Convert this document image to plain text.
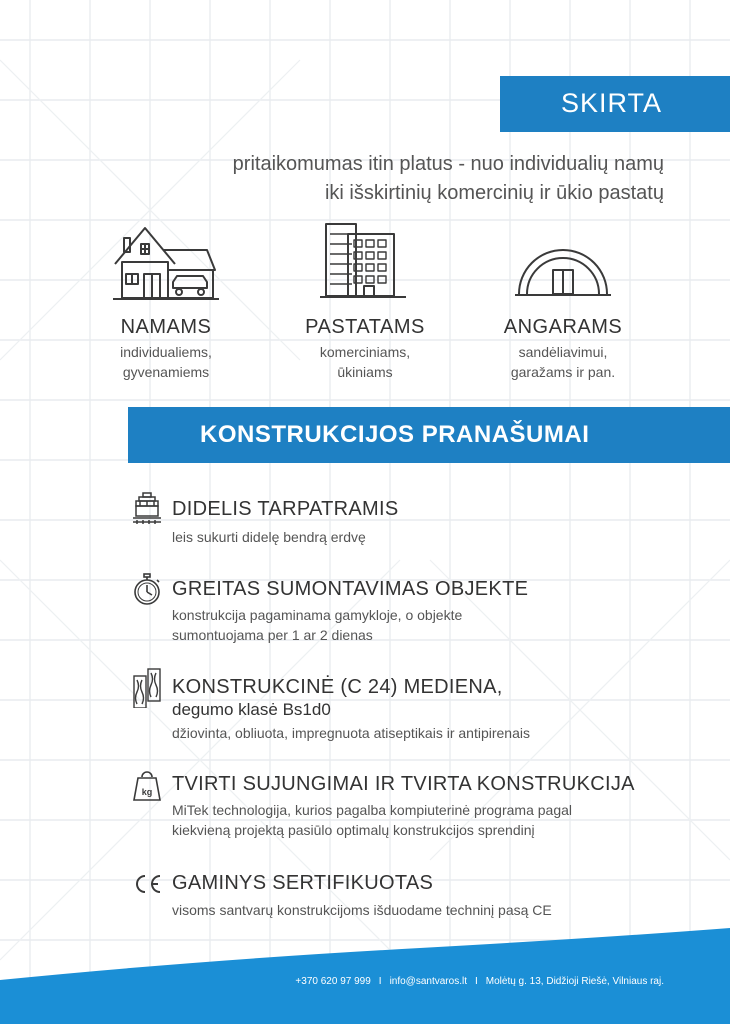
SKIRTA
pritaikomumas itin platus - nuo individualių namų
iki išskirtinių komercinių ir ūkio pastatų
NAMAMS
individualiems,
gyvenamiems
PASTATAMS
komerciniams,
ūkiniams
ANGARAMS
sandėliavimui,
garažams ir pan.
KONSTRUKCIJOS PRANAŠUMAI
DIDELIS TARPATRAMIS
leis sukurti didelę bendrą erdvę
GREITAS SUMONTAVIMAS OBJEKTE
konstrukcija pagaminama gamykloje, o objekte
sumontuojama per 1 ar 2 dienas
KONSTRUKCINĖ (C 24) MEDIENA,
degumo klasė Bs1d0
džiovinta, obliuota, impregnuota atiseptikais ir antipirenais
kg TVIRTI SUJUNGIMAI IR TVIRTA KONSTRUKCIJA
MiTek technologija, kurios pagalba kompiuterinė programa pagal
kiekvieną projektą pasiūlo optimalų konstrukcijos sprendinį
GAMINYS SERTIFIKUOTAS
visoms santvarų konstrukcijoms išduodame techninį pasą CE
+370 620 97 999 I info@santvaros.lt I Molėtų g. 13, Didžioji Riešė, Vilniaus raj.
